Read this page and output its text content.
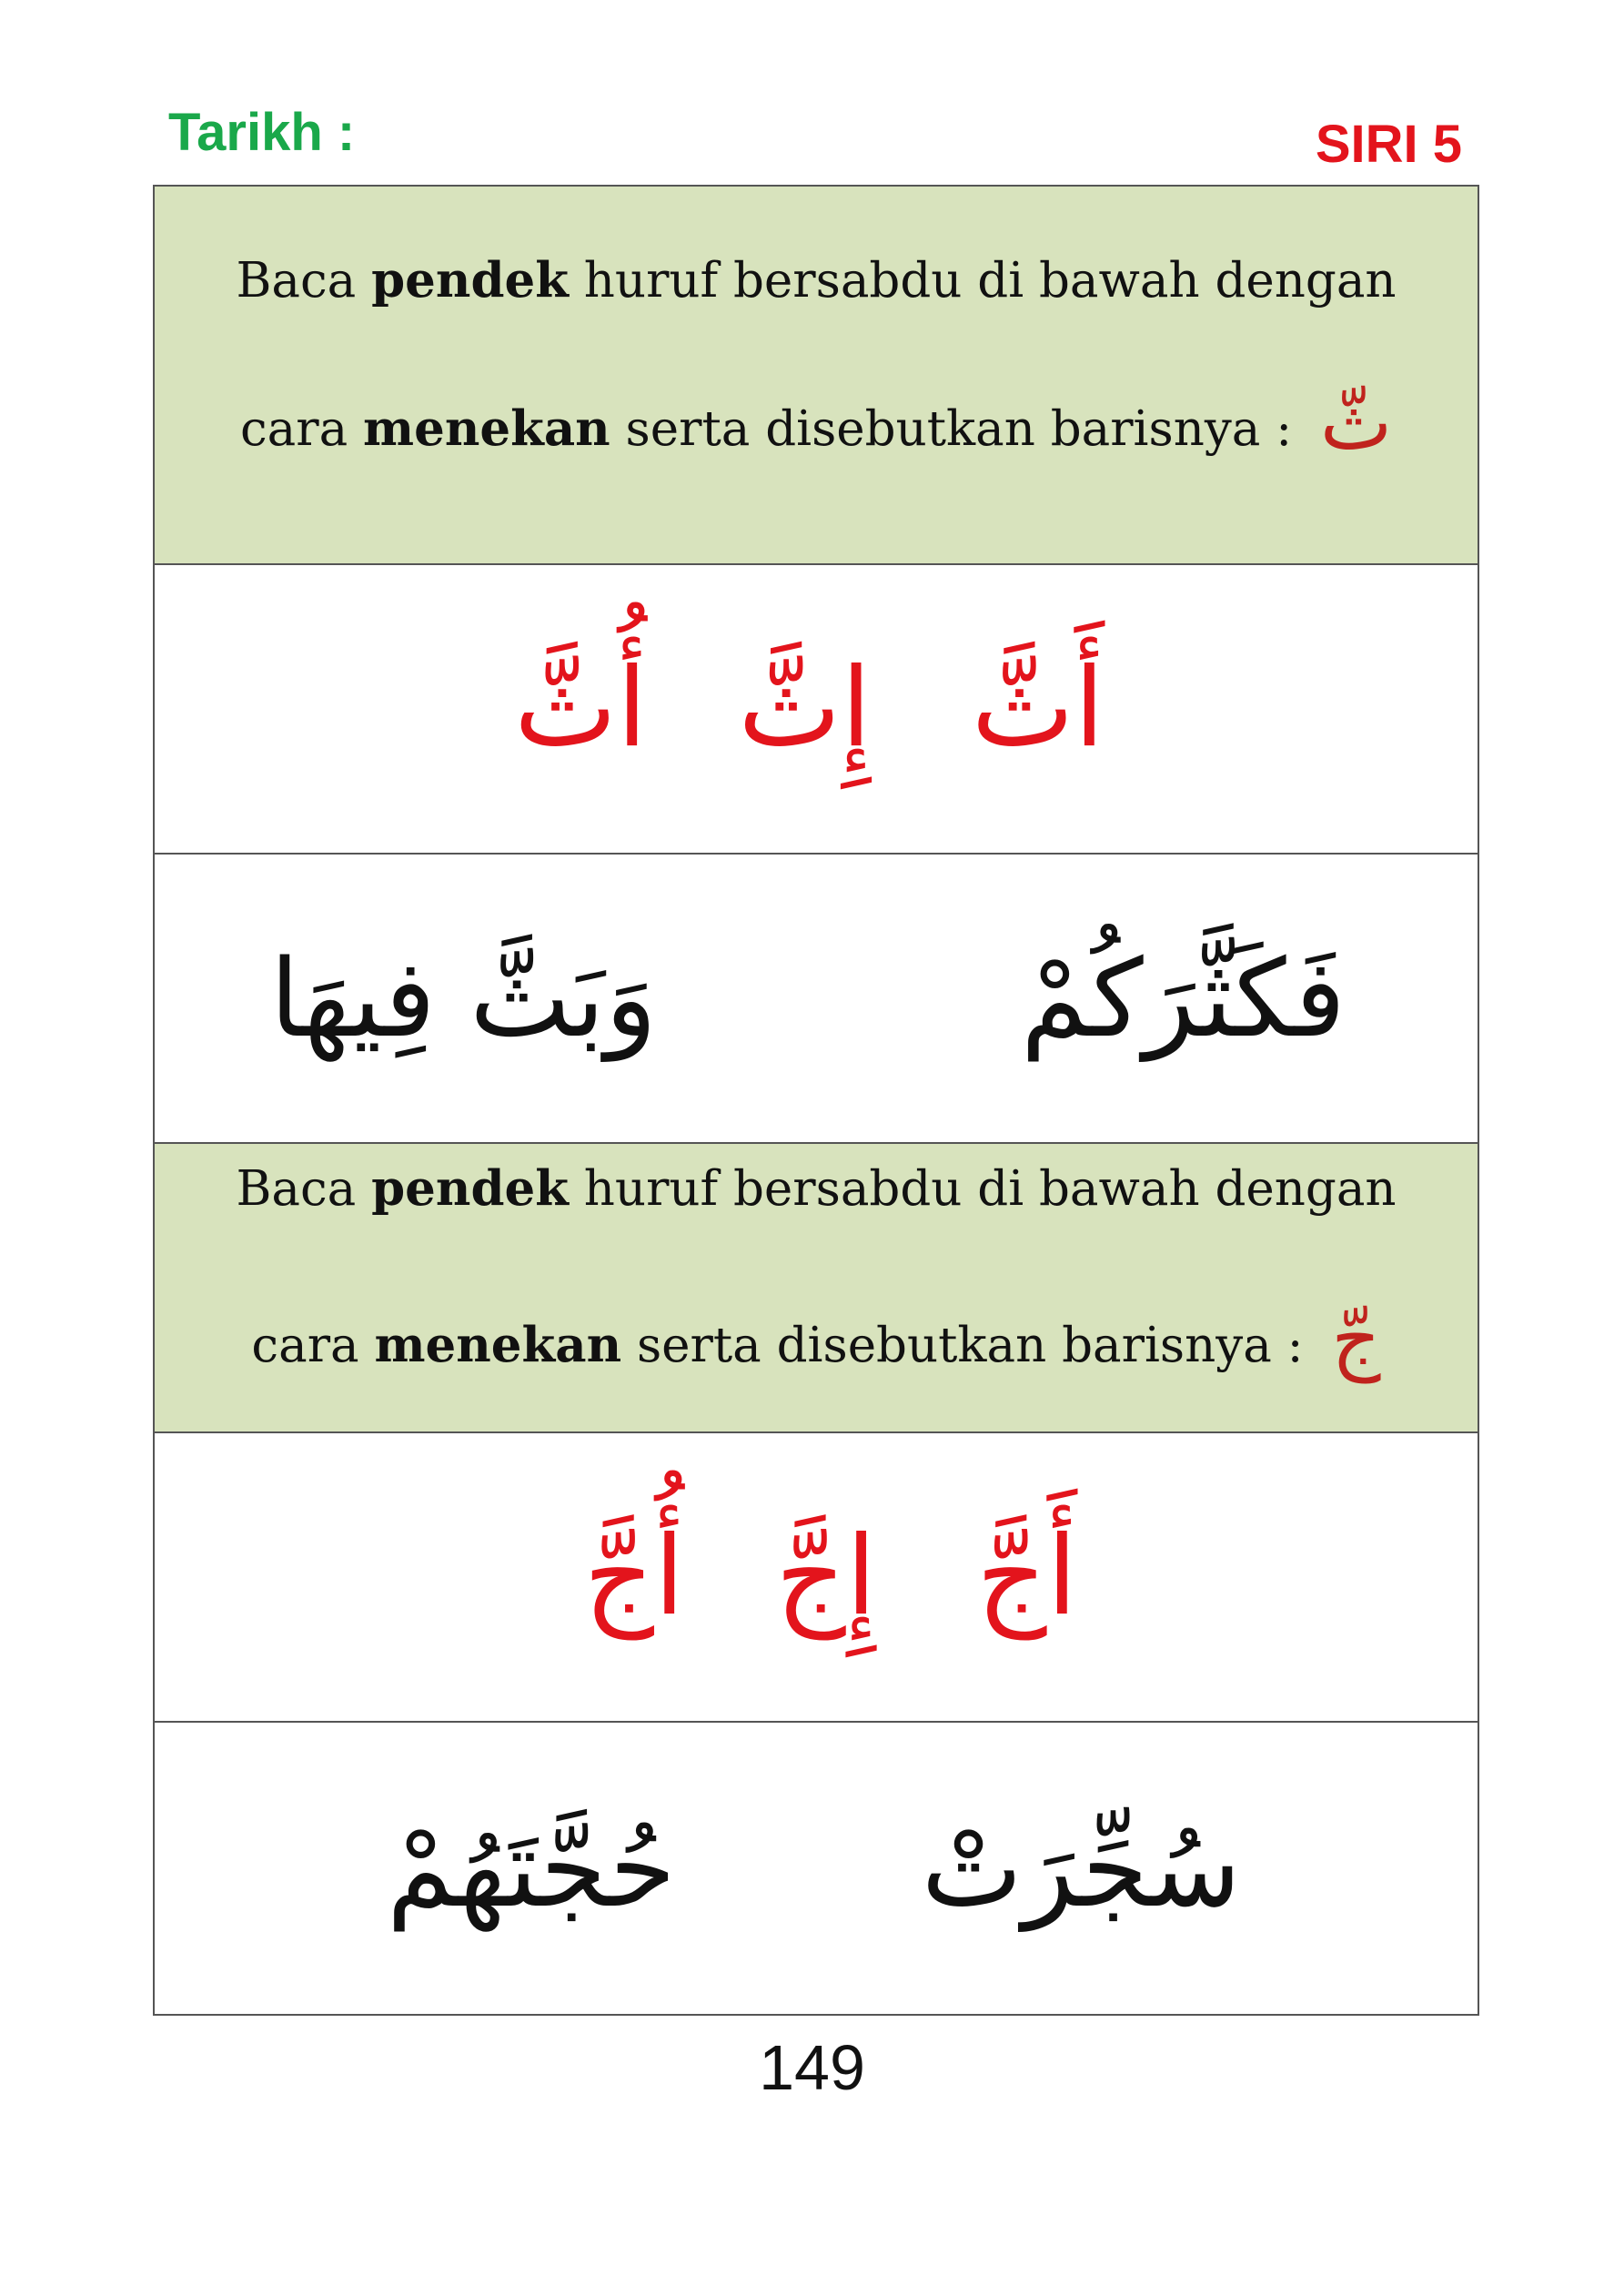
Tarikh :	SIRI 5
Baca pendek huruf bersabdu di bawah dengan
cara menekan serta disebutkan barisnya : ثّ
أَثَّ
إِثَّ
أُثَّ
فَكَثَّرَكُمْ
وَبَثَّ فِيهَا
Baca pendek huruf bersabdu di bawah dengan
cara menekan serta disebutkan barisnya : جّ
أَجَّ
إِجَّ
أُجَّ
سُجِّرَتْ
حُجَّتَهُمْ
149
